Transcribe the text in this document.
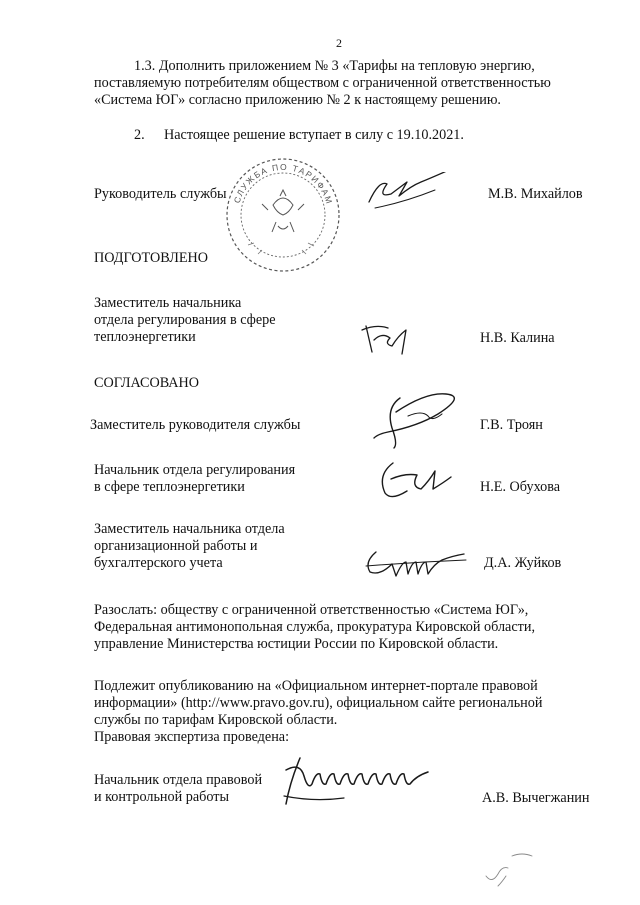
2
1.3. Дополнить приложением № 3 «Тарифы на тепловую энергию,
поставляемую потребителям обществом с ограниченной ответственностью
«Система ЮГ» согласно приложению № 2 к настоящему решению.
2. Настоящее решение вступает в силу с 19.10.2021.
СЛУЖБА ПО ТАРИФАМ
Руководитель службы	М.В. Михайлов
ПОДГОТОВЛЕНО
Заместитель начальника
отдела регулирования в сфере
теплоэнергетики	Н.В. Калина
СОГЛАСОВАНО
Заместитель руководителя службы	Г.В. Троян
Начальник отдела регулирования
в сфере теплоэнергетики	Н.Е. Обухова
Заместитель начальника отдела
организационной работы и
бухгалтерского учета	Д.А. Жуйков
Разослать: обществу с ограниченной ответственностью «Система ЮГ»,
Федеральная антимонопольная служба, прокуратура Кировской области,
управление Министерства юстиции России по Кировской области.
Подлежит опубликованию на «Официальном интернет-портале правовой
информации» (http://www.pravo.gov.ru), официальном сайте региональной
службы по тарифам Кировской области.
Правовая экспертиза проведена:
Начальник отдела правовой
и контрольной работы	А.В. Вычегжанин
